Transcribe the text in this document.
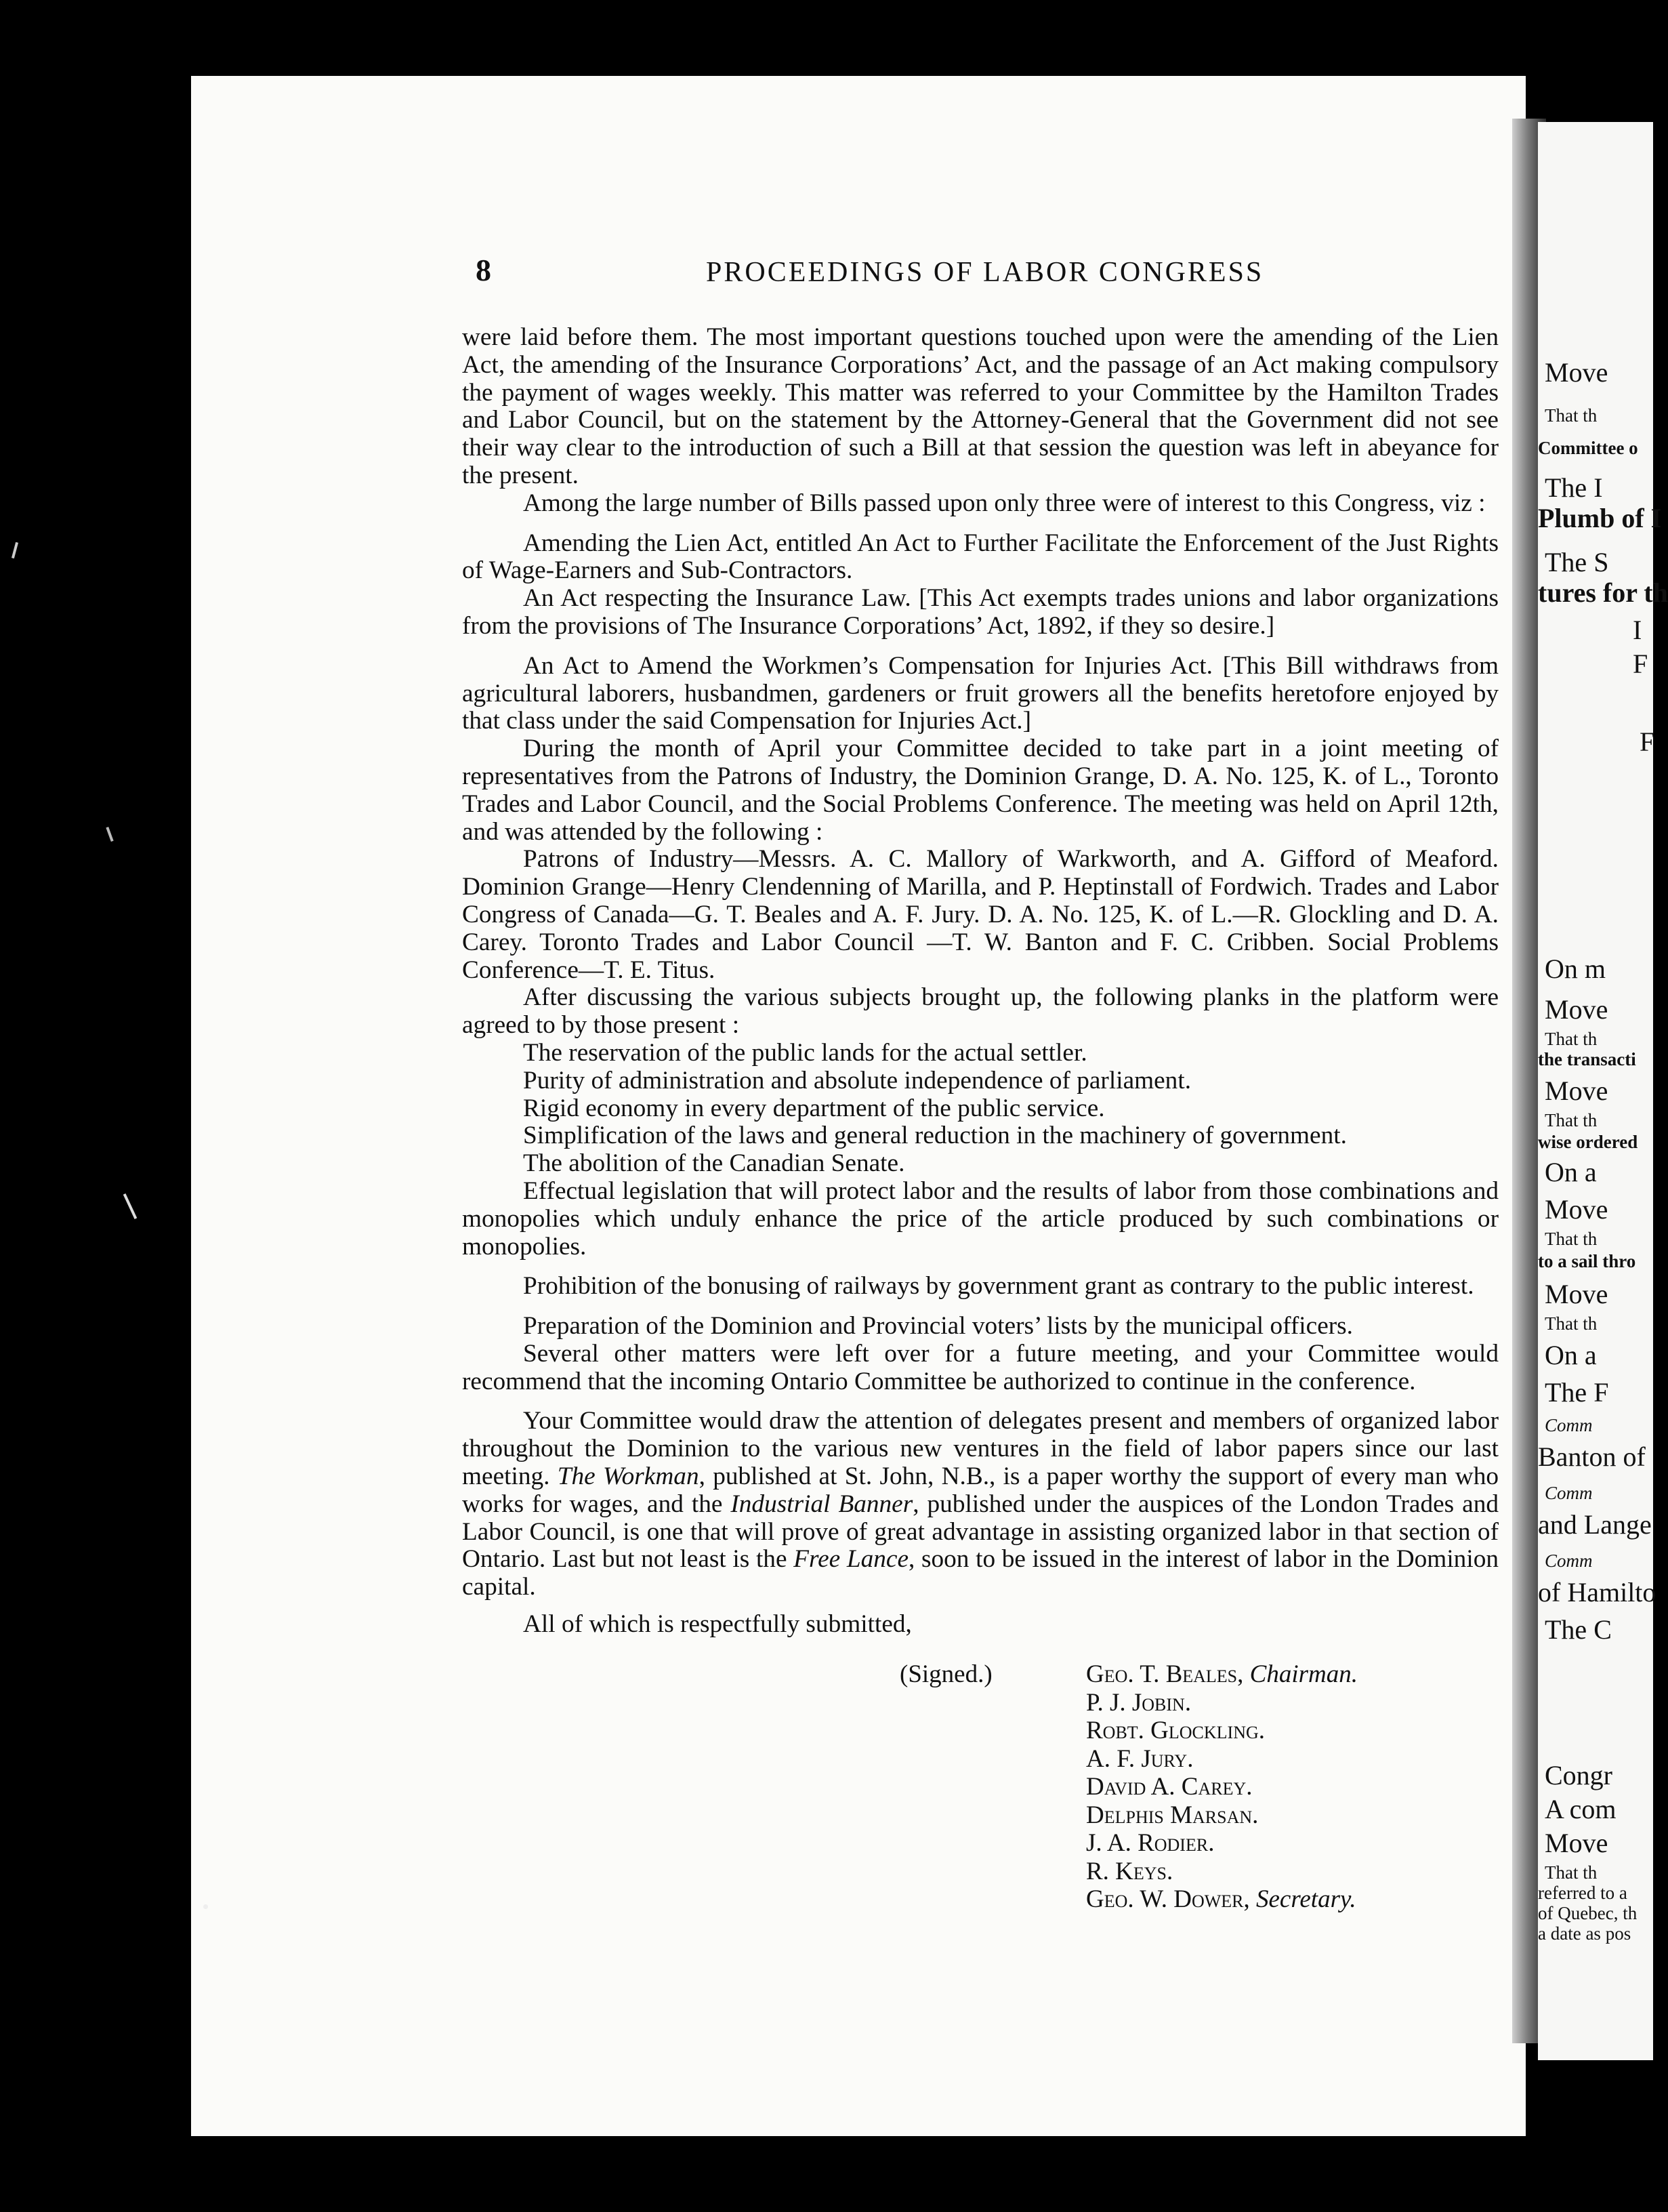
Move
That th
Committee o
The I
Plumb of I
The S
tures for th
I
F
F
On m
Move
That th
the transacti
Move
That th
wise ordered
On a
Move
That th
to a sail thro
Move
That th
On a
The F
Comm
Banton of
Comm
and Lange
Comm
of Hamilto
The C
Congr
A com
Move
That th
referred to a
of Quebec, th
a date as pos
8	PROCEEDINGS OF LABOR CONGRESS

were laid before them. The most important questions touched upon were the amending of the Lien Act, the amending of the Insurance Corporations’ Act, and the passage of an Act making compulsory the payment of wages weekly. This matter was referred to your Committee by the Hamilton Trades and Labor Council, but on the statement by the Attorney-General that the Government did not see their way clear to the introduction of such a Bill at that session the question was left in abeyance for the present.

Among the large number of Bills passed upon only three were of interest to this Congress, viz :

Amending the Lien Act, entitled An Act to Further Facilitate the Enforcement of the Just Rights of Wage-Earners and Sub-Contractors.

An Act respecting the Insurance Law. [This Act exempts trades unions and labor organizations from the provisions of The Insurance Corporations’ Act, 1892, if they so desire.]

An Act to Amend the Workmen’s Compensation for Injuries Act. [This Bill withdraws from agricultural laborers, husbandmen, gardeners or fruit growers all the benefits heretofore enjoyed by that class under the said Compensation for Injuries Act.]

During the month of April your Committee decided to take part in a joint meeting of representatives from the Patrons of Industry, the Dominion Grange, D. A. No. 125, K. of L., Toronto Trades and Labor Council, and the Social Problems Conference. The meeting was held on April 12th, and was attended by the following :

Patrons of Industry—Messrs. A. C. Mallory of Warkworth, and A. Gifford of Meaford. Dominion Grange—Henry Clendenning of Marilla, and P. Heptinstall of Fordwich. Trades and Labor Congress of Canada—G. T. Beales and A. F. Jury. D. A. No. 125, K. of L.—R. Glockling and D. A. Carey. Toronto Trades and Labor Council —T. W. Banton and F. C. Cribben. Social Problems Conference—T. E. Titus.

After discussing the various subjects brought up, the following planks in the platform were agreed to by those present :

The reservation of the public lands for the actual settler.

Purity of administration and absolute independence of parliament.

Rigid economy in every department of the public service.

Simplification of the laws and general reduction in the machinery of government.

The abolition of the Canadian Senate.

Effectual legislation that will protect labor and the results of labor from those combinations and monopolies which unduly enhance the price of the article produced by such combinations or monopolies.

Prohibition of the bonusing of railways by government grant as contrary to the public interest.

Preparation of the Dominion and Provincial voters’ lists by the municipal officers.

Several other matters were left over for a future meeting, and your Committee would recommend that the incoming Ontario Committee be authorized to continue in the conference.

Your Committee would draw the attention of delegates present and members of organized labor throughout the Dominion to the various new ventures in the field of labor papers since our last meeting. The Workman, published at St. John, N.B., is a paper worthy the support of every man who works for wages, and the Industrial Banner, published under the auspices of the London Trades and Labor Council, is one that will prove of great advantage in assisting organized labor in that section of Ontario. Last but not least is the Free Lance, soon to be issued in the interest of labor in the Dominion capital.

All of which is respectfully submitted,

(Signed.)	Geo. T. Beales, Chairman.
P. J. Jobin.
Robt. Glockling.
A. F. Jury.
David A. Carey.
Delphis Marsan.
J. A. Rodier.
R. Keys.
Geo. W. Dower, Secretary.
